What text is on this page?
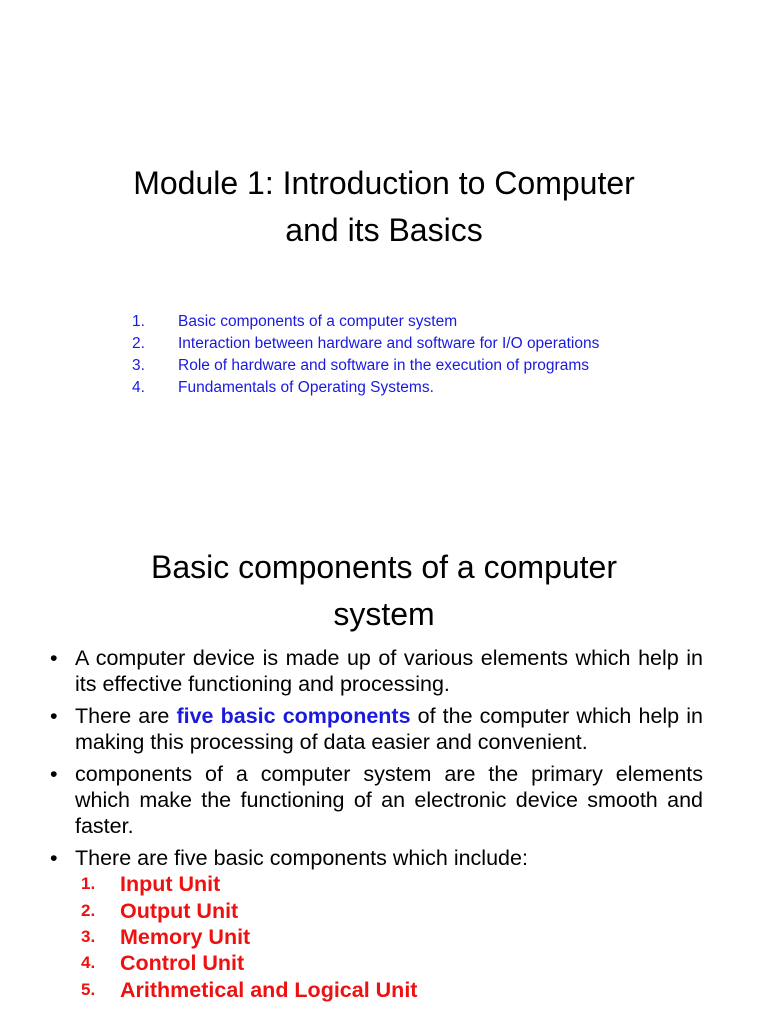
Module 1: Introduction to Computer
and its Basics
1.	Basic components of a computer system
2.	Interaction between hardware and software for I/O operations
3.	Role of hardware and software in the execution of programs
4.	Fundamentals of Operating Systems.
Basic components of a computer
system
• A computer device is made up of various elements which help in its effective functioning and processing.
• There are five basic components of the computer which help in making this processing of data easier and convenient.
• components of a computer system are the primary elements which make the functioning of an electronic device smooth and faster.
• There are five basic components which include:
1.	Input Unit
2.	Output Unit
3.	Memory Unit
4.	Control Unit
5.	Arithmetical and Logical Unit
